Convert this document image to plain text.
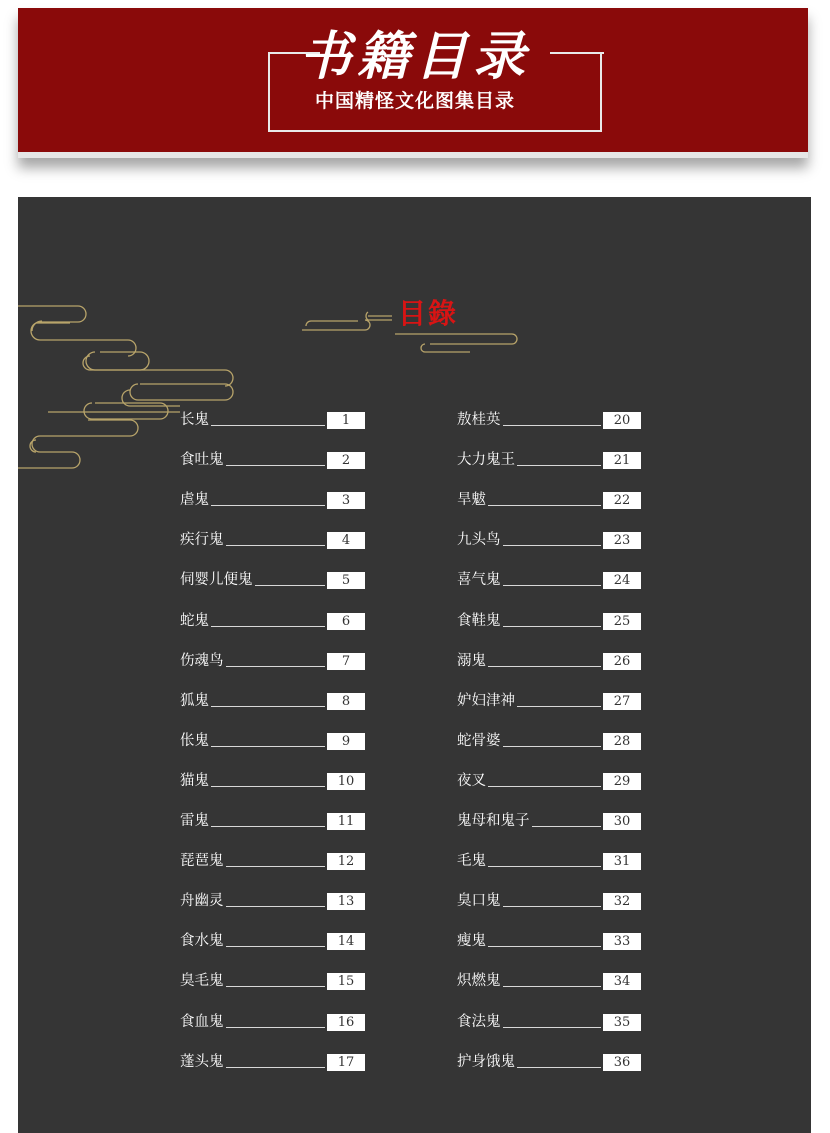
书籍目录
中国精怪文化图集目录
目錄
长鬼	1
食吐鬼	2
虐鬼	3
疾行鬼	4
伺婴儿便鬼	5
蛇鬼	6
伤魂鸟	7
狐鬼	8
伥鬼	9
猫鬼	10
雷鬼	11
琵琶鬼	12
舟幽灵	13
食水鬼	14
臭毛鬼	15
食血鬼	16
蓬头鬼	17
敖桂英	20
大力鬼王	21
旱魃	22
九头鸟	23
喜气鬼	24
食鞋鬼	25
溺鬼	26
妒妇津神	27
蛇骨婆	28
夜叉	29
鬼母和鬼子	30
毛鬼	31
臭口鬼	32
瘦鬼	33
炽燃鬼	34
食法鬼	35
护身饿鬼	36
